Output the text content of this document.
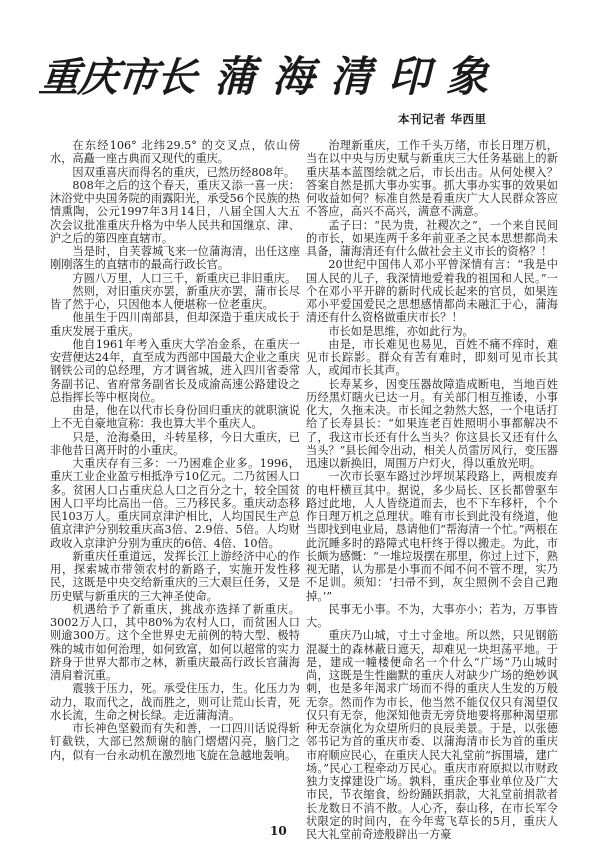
重庆市长 蒲海清印象
本刊记者 华西里

在东经106° 北纬29.5° 的交叉点，依山傍水，高矗一座古典而又现代的重庆。

因双重喜庆而得名的重庆，已然历经808年。

808年之后的这个春天，重庆又添一喜一庆：沐浴党中央国务院的雨露阳光，承受56个民族的热情熏陶，公元1997年3月14日，八届全国人大五次会议批准重庆升格为中华人民共和国继京、津、沪之后的第四座直辖市。

当是时，自芙蓉城飞来一位蒲海清，出任这座刚刚落生的直辖市的最高行政长官。

方圆八万里，人口三千，新重庆已非旧重庆。

然则，对旧重庆亦罢，新重庆亦罢，蒲市长尽皆了然于心，只因他本人便堪称一位老重庆。

他虽生于四川南部县，但却深造于重庆成长于重庆发展于重庆。

他自1961年考入重庆大学冶金系，在重庆一安营便达24年，直至成为西部中国最大企业之重庆钢铁公司的总经理，方才调省城，进入四川省委常务副书记、省府常务副省长及成渝高速公路建设之总指挥长等中枢岗位。

由是，他在以代市长身份回归重庆的就职演说上不无自豪地宣称：我也算大半个重庆人。

只是，沧海桑田，斗转星移，今日大重庆，已非他昔日离开时的小重庆。

大重庆存有三多：一乃困难企业多。1996，重庆工业企业盈亏相抵净亏10亿元。二乃贫困人口多。贫困人口占重庆总人口之百分之十，较全国贫困人口平均比高出一倍。三乃移民多。重庆动态移民103万人。重庆同京津沪相比，人均国民生产总值京津沪分别较重庆高3倍、2.9倍、5倍。人均财政收入京津沪分别为重庆的6倍、4倍、10倍。

新重庆任重道远，发挥长江上游经济中心的作用，探索城市带领农村的新路子，实施开发性移民，这既是中央交给新重庆的三大艰巨任务，又是历史赋与新重庆的三大神圣使命。

机遇给予了新重庆，挑战亦选择了新重庆。3002万人口，其中80%为农村人口，而贫困人口则逾300万。这个全世界史无前例的特大型、极特殊的城市如何治理，如何致富，如何以超常的实力跻身于世界大都市之林，新重庆最高行政长官蒲海清肩着沉重。

震骇于压力，死。承受住压力，生。化压力为动力，取而代之，战而胜之，则可让荒山长青，死水长流，生命之树长绿。走近蒲海清。

市长神色坚毅而有失和善，一口四川话说得斩钉截铁，大部已然颓谢的脑门熠熠闪亮，脑门之内，似有一台永动机在激烈地飞旋在急越地轰响。

治理新重庆，工作千头万绪，市长日理万机，当在以中央与历史赋与新重庆三大任务基础上的新重庆基本蓝图绘就之后，市长出击。从何处楔入？答案自然是抓大事办实事。抓大事办实事的效果如何收益如何？标准自然是看重庆广大人民群众答应不答应，高兴不高兴，满意不满意。

孟子曰：“民为贵，社稷次之”，一个来自民间的市长，如果连两千多年前亚圣之民本思想都尚未具备，蒲海清还有什么做社会主义市长的资格？！

20世纪中国伟人邓小平曾深情有言：“我是中国人民的儿子，我深情地爱着我的祖国和人民。”一个在邓小平开辟的新时代成长起来的官员，如果连邓小平爱国爱民之思想感情都尚未融汇于心，蒲海清还有什么资格做重庆市长？！

市长如是思维，亦如此行为。

由是，市长难见也易见，百姓不痛不痒时，难见市长踪影。群众有苦有难时，即刻可见市长其人，或闻市长其声。

长寿某乡，因变压器故障造成断电，当地百姓历经黑灯瞎火已达一月。有关部门相互推诿，小事化大，久拖未决。市长闻之勃然大怒，一个电话打给了长寿县长：“如果连老百姓照明小事都解决不了，我这市长还有什么当头？你这县长又还有什么当头？”县长闻令出动，相关人员雷厉风行，变压器迅速以新换旧，周围万户灯火，得以重放光明。

一次市长驱车路过沙坪坝某段路上，两根废弃的电杆横亘其中。据说，多少局长、区长都曾驱车路过此地，人人皆绕道而去，也不下车移杆，个个作日理万机之总理状。唯有市长到此没有绕道，他当即找到电业局，恳请他们“帮海清一个忙。”两根在此沉睡多时的路障式电杆终于得以搬走。为此，市长颇为感慨：“一堆垃圾摆在那里，你过上过下，熟视无睹，认为那是小事而不闻不问不管不理，实乃不足训。须知：‘扫帚不到，灰尘照例不会自己跑掉。’”

民事无小事。不为，大事亦小；若为，万事皆大。

重庆乃山城，寸土寸金地。所以然，只见钢筋混凝土的森林蔽日遮天，却难见一块坦荡平地。于是，建成一幢楼便命名一个什么“广场”乃山城时尚，这既是生性幽默的重庆人对缺少广场的绝妙讽刺，也是多年渴求广场而不得的重庆人生发的万般无奈。然而作为市长，他当然不能仅仅只有渴望仅仅只有无奈，他深知他责无旁贷地要将那种渴望那种无奈演化为众望所归的良辰美景。于是，以张德邻书记为首的重庆市委、以蒲海清市长为首的重庆市府顺应民心，在重庆人民大礼堂前“拆围墙，建广场。”民心工程牵动万民心。重庆市府原拟以市财政独力支撑建设广场。孰料，重庆企事业单位及广大市民，节衣缩食，纷纷踊跃捐款，大礼堂前捐款者长龙数日不消不散。人心齐，泰山移，在市长军令状限定的时间内，在今年莺飞草长的5月，重庆人民大礼堂前奇迹般辟出一方豪

10
